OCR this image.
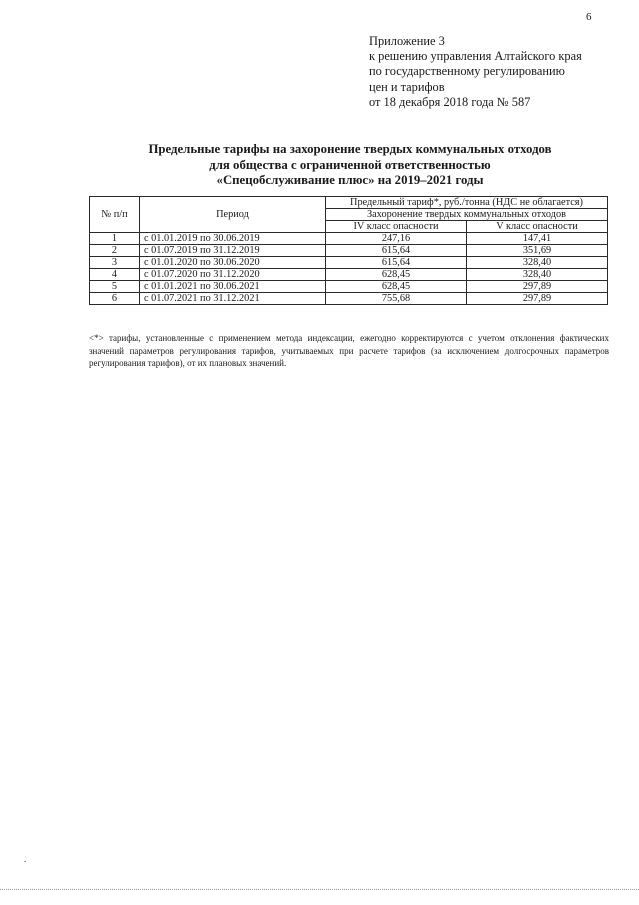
6
Приложение 3
к решению управления Алтайского края
по государственному регулированию
цен и тарифов
от 18 декабря 2018 года № 587
Предельные тарифы на захоронение твердых коммунальных отходов
для общества с ограниченной ответственностью
«Спецобслуживание плюс» на 2019–2021 годы
№ п/п	Период	Предельный тариф*, руб./тонна (НДС не облагается)	
		Захоронение твердых коммунальных отходов	
		IV класс опасности	V класс опасности
1	с 01.01.2019 по 30.06.2019	247,16	147,41
2	с 01.07.2019 по 31.12.2019	615,64	351,69
3	с 01.01.2020 по 30.06.2020	615,64	328,40
4	с 01.07.2020 по 31.12.2020	628,45	328,40
5	с 01.01.2021 по 30.06.2021	628,45	297,89
6	с 01.07.2021 по 31.12.2021	755,68	297,89
<*> тарифы, установленные с применением метода индексации, ежегодно корректируются с учетом отклонения фактических значений параметров регулирования тарифов, учитываемых при расчете тарифов (за исключением долгосрочных параметров регулирования тарифов), от их плановых значений.
.
